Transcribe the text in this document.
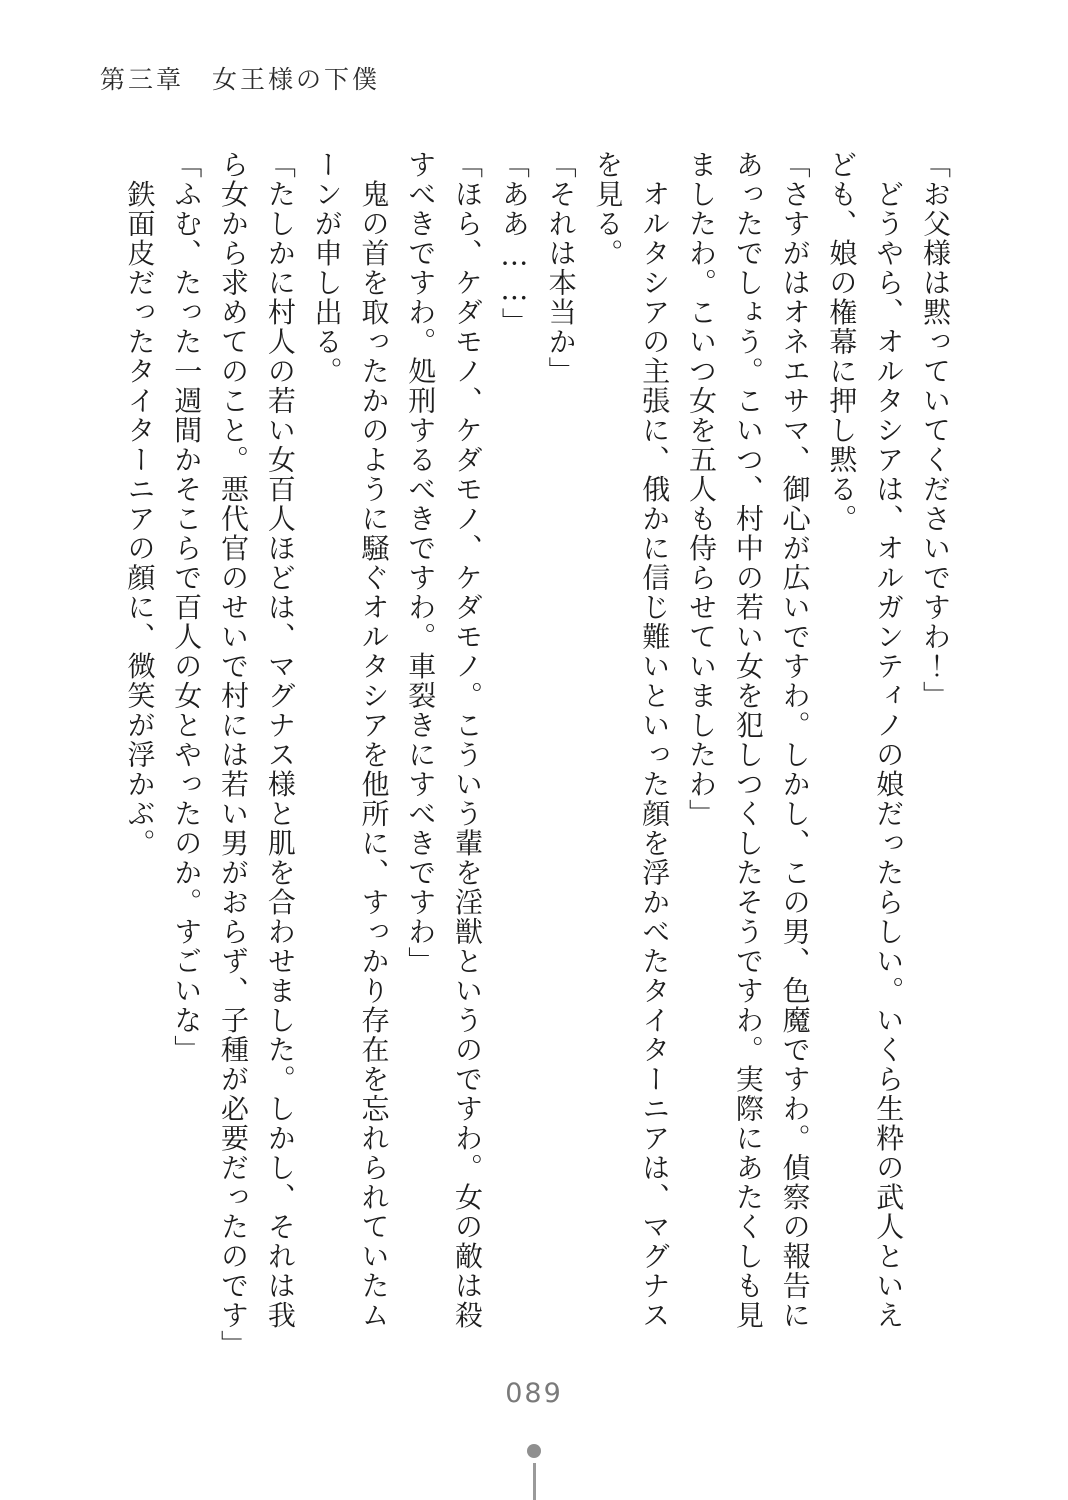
第三章　女王様の下僕
「お父様は黙っていてくださいですわ！」
　どうやら、オルタシアは、オルガンティノの娘だったらしい。いくら生粋の武人といえ
ども、娘の権幕に押し黙る。
「さすがはオネエサマ、御心が広いですわ。しかし、この男、色魔ですわ。偵察の報告に
あったでしょう。こいつ、村中の若い女を犯しつくしたそうですわ。実際にあたくしも見
ましたわ。こいつ女を五人も侍らせていましたわ」
　オルタシアの主張に、俄かに信じ難いといった顔を浮かべたタイターニアは、マグナス
を見る。
「それは本当か」
「ああ……」
「ほら、ケダモノ、ケダモノ、ケダモノ。こういう輩を淫獣というのですわ。女の敵は殺
すべきですわ。処刑するべきですわ。車裂きにすべきですわ」
　鬼の首を取ったかのように騒ぐオルタシアを他所に、すっかり存在を忘れられていたム
ーンが申し出る。
「たしかに村人の若い女百人ほどは、マグナス様と肌を合わせました。しかし、それは我
ら女から求めてのこと。悪代官のせいで村には若い男がおらず、子種が必要だったのです」
「ふむ、たった一週間かそこらで百人の女とやったのか。すごいな」
　鉄面皮だったタイターニアの顔に、微笑が浮かぶ。
089
